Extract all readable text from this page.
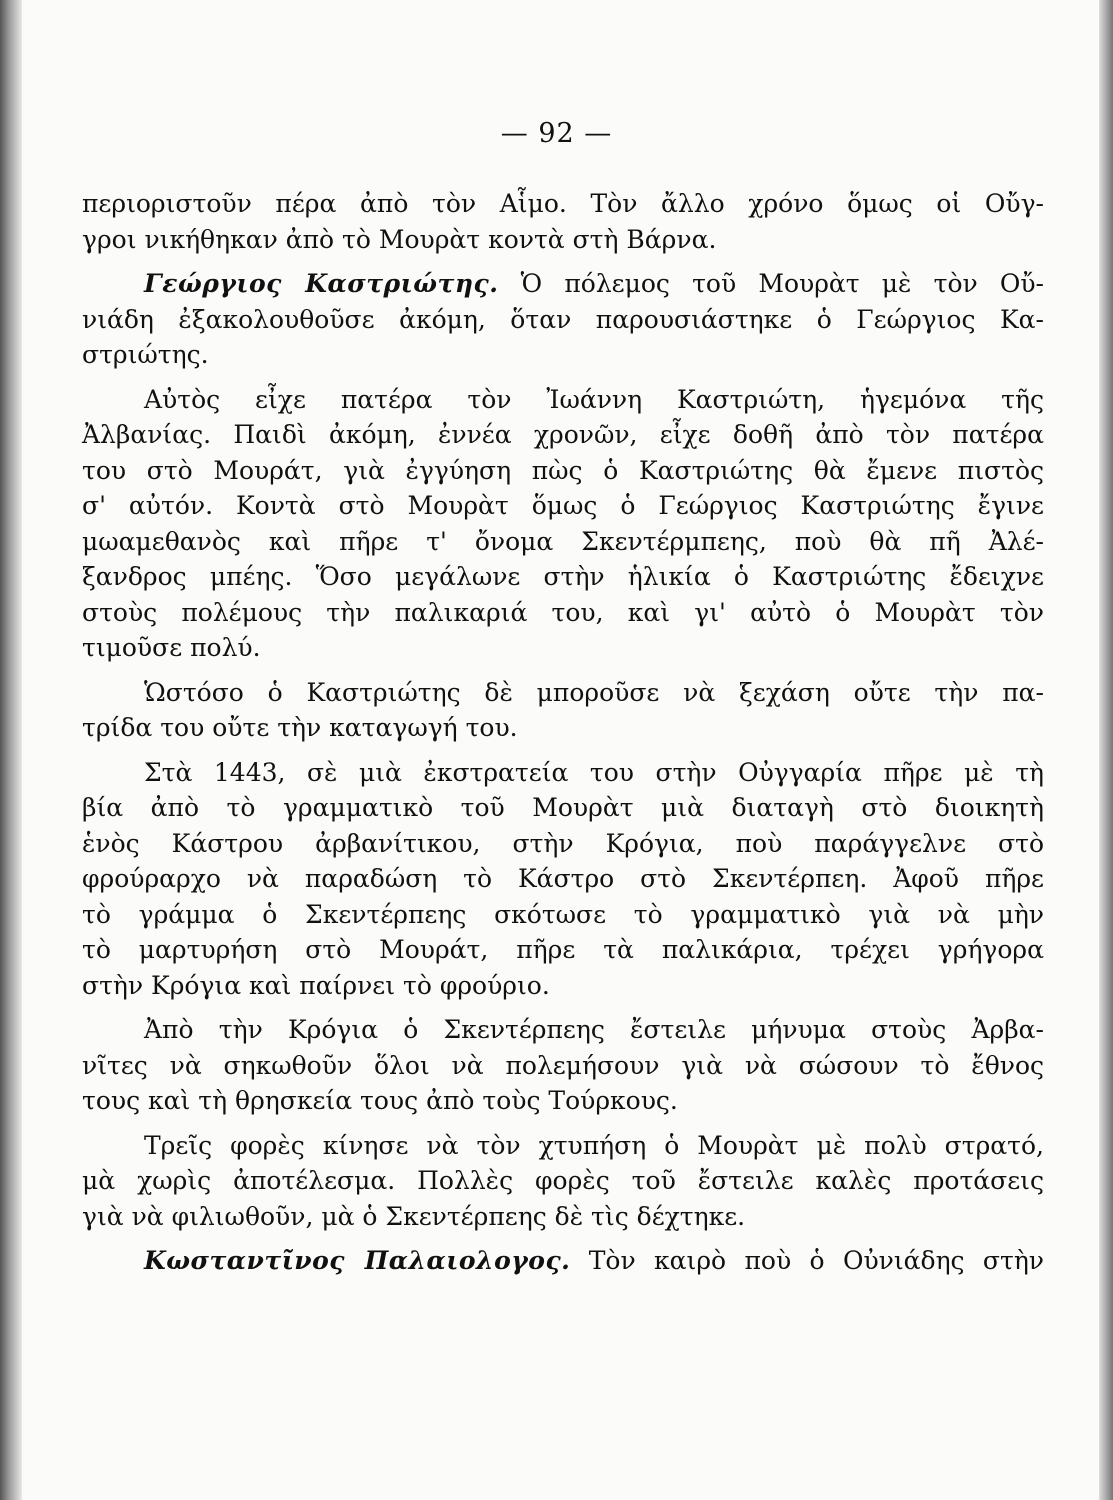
— 92 —
περιοριστοῦν πέρα ἀπὸ τὸν Αἷμο. Τὸν ἄλλο χρόνο ὅμως οἱ Οὔγ-
γροι νικήθηκαν ἀπὸ τὸ Μουρὰτ κοντὰ στὴ Βάρνα.
Γεώργιος Καστριώτης. Ὁ πόλεμος τοῦ Μουρὰτ μὲ τὸν Οὔ-
νιάδη ἐξακολουθοῦσε ἀκόμη, ὅταν παρουσιάστηκε ὁ Γεώργιος Κα-
στριώτης.
Αὐτὸς εἶχε πατέρα τὸν Ἰωάννη Καστριώτη, ἡγεμόνα τῆς
Ἀλβανίας. Παιδὶ ἀκόμη, ἐννέα χρονῶν, εἶχε δοθῆ ἀπὸ τὸν πατέρα
του στὸ Μουράτ, γιὰ ἐγγύηση πὼς ὁ Καστριώτης θὰ ἔμενε πιστὸς
σ' αὐτόν. Κοντὰ στὸ Μουρὰτ ὅμως ὁ Γεώργιος Καστριώτης ἔγινε
μωαμεθανὸς καὶ πῆρε τ' ὄνομα Σκεντέρμπεης, ποὺ θὰ πῆ Ἀλέ-
ξανδρος μπέης. Ὅσο μεγάλωνε στὴν ἡλικία ὁ Καστριώτης ἔδειχνε
στοὺς πολέμους τὴν παλικαριά του, καὶ γι' αὐτὸ ὁ Μουρὰτ τὸν
τιμοῦσε πολύ.
Ὡστόσο ὁ Καστριώτης δὲ μποροῦσε νὰ ξεχάση οὔτε τὴν πα-
τρίδα του οὔτε τὴν καταγωγή του.
Στὰ 1443, σὲ μιὰ ἐκστρατεία του στὴν Οὐγγαρία πῆρε μὲ τὴ
βία ἀπὸ τὸ γραμματικὸ τοῦ Μουρὰτ μιὰ διαταγὴ στὸ διοικητὴ
ἑνὸς Κάστρου ἀρβανίτικου, στὴν Κρόγια, ποὺ παράγγελνε στὸ
φρούραρχο νὰ παραδώση τὸ Κάστρο στὸ Σκεντέρπεη. Ἀφοῦ πῆρε
τὸ γράμμα ὁ Σκεντέρπεης σκότωσε τὸ γραμματικὸ γιὰ νὰ μὴν
τὸ μαρτυρήση στὸ Μουράτ, πῆρε τὰ παλικάρια, τρέχει γρήγορα
στὴν Κρόγια καὶ παίρνει τὸ φρούριο.
Ἀπὸ τὴν Κρόγια ὁ Σκεντέρπεης ἔστειλε μήνυμα στοὺς Ἀρβα-
νῖτες νὰ σηκωθοῦν ὅλοι νὰ πολεμήσουν γιὰ νὰ σώσουν τὸ ἔθνος
τους καὶ τὴ θρησκεία τους ἀπὸ τοὺς Τούρκους.
Τρεῖς φορὲς κίνησε νὰ τὸν χτυπήση ὁ Μουρὰτ μὲ πολὺ στρατό,
μὰ χωρὶς ἀποτέλεσμα. Πολλὲς φορὲς τοῦ ἔστειλε καλὲς προτάσεις
γιὰ νὰ φιλιωθοῦν, μὰ ὁ Σκεντέρπεης δὲ τὶς δέχτηκε.
Κωσταντῖνος Παλαιολογος. Τὸν καιρὸ ποὺ ὁ Οὐνιάδης στὴν
